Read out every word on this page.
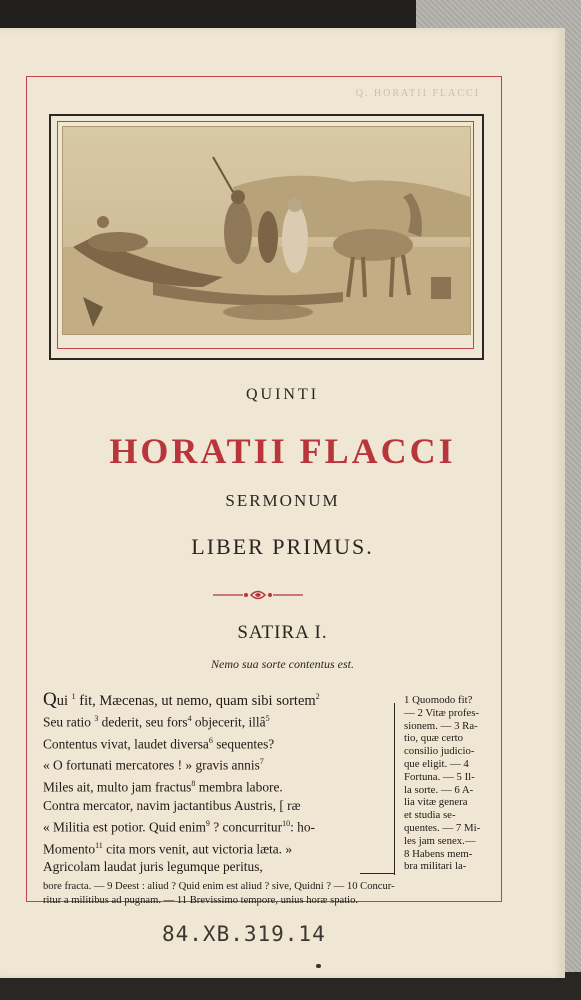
Q. HORATII FLACCI
QUINTI
HORATII FLACCI
SERMONUM
LIBER PRIMUS.
SATIRA I.
Nemo sua sorte contentus est.
Qui $^1$ fit, Mæcenas, ut nemo, quam sibi sortem$^2$
Seu ratio $^3$ dederit, seu fors$^4$ objecerit, illâ$^5$
Contentus vivat, laudet diversa$^6$ sequentes?
« O fortunati mercatores ! » gravis annis$^7$
Miles ait, multo jam fractus$^8$ membra labore.
Contra mercator, navim jactantibus Austris, [ ræ
« Militia est potior. Quid enim$^9$ ? concurritur$^{10}$: ho-
Momento$^{11}$ cita mors venit, aut victoria læta. »
Agricolam laudat juris legumque peritus,
1 Quomodo fit?
— 2 Vitæ profes-
sionem. — 3 Ra-
tio, quæ certo
consilio judicio-
que eligit. — 4
Fortuna. — 5 Il-
la sorte. — 6 A-
lia vitæ genera
et studia se-
quentes. — 7 Mi-
les jam senex.—
8 Habens mem-
bra militari la-
bore fracta. — 9 Deest : aliud ? Quid enim est aliud ? sive, Quidni ? — 10 Concur-
ritur a militibus ad pugnam. — 11 Brevissimo tempore, unius horæ spatio.
84.XB.319.14
